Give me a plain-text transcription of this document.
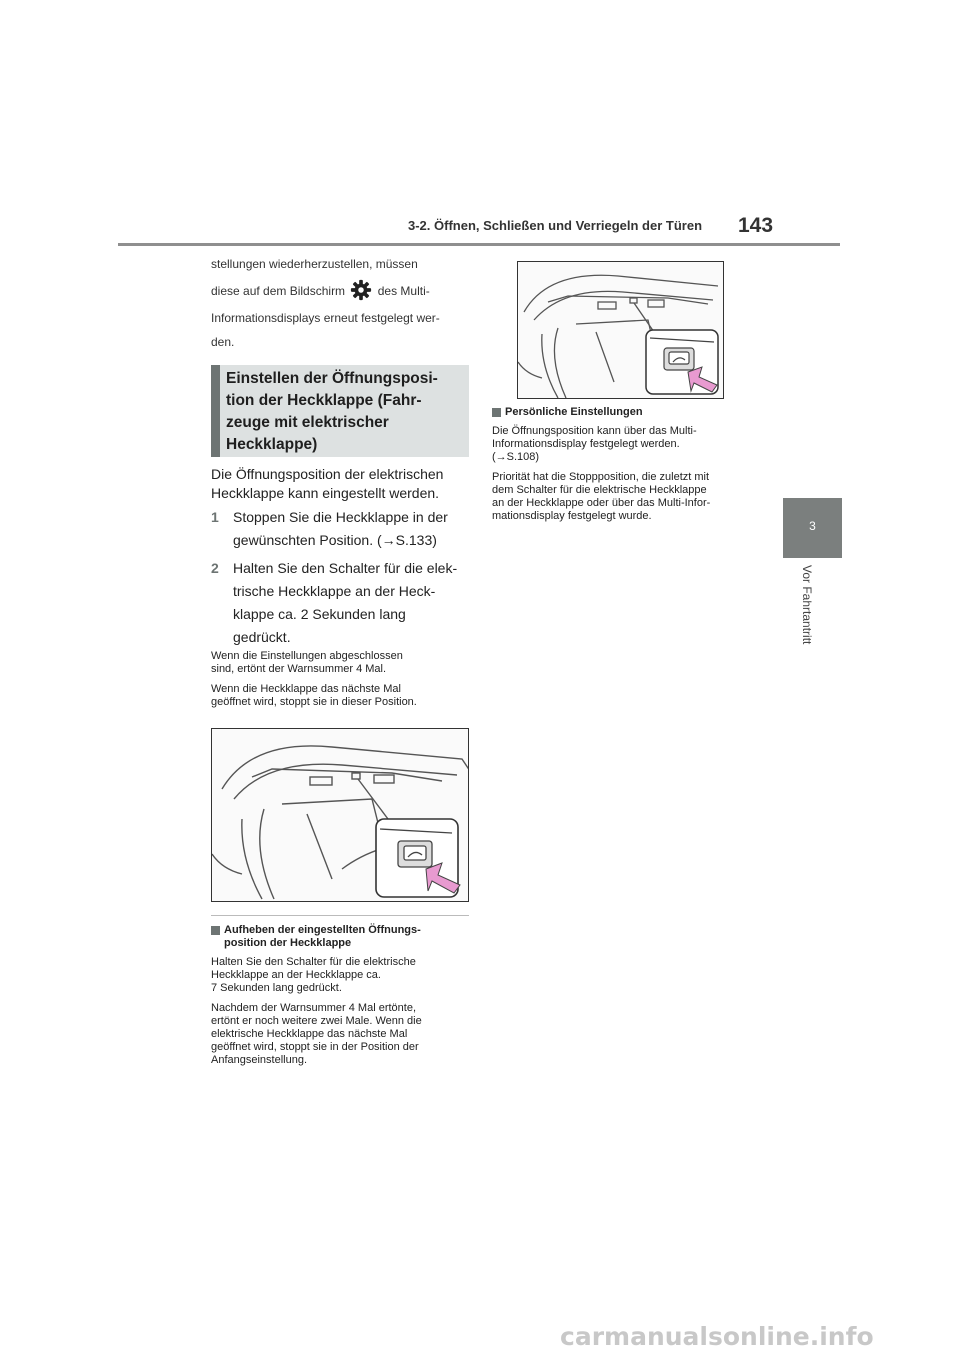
3-2. Öffnen, Schließen und Verriegeln der Türen 143
3
Vor Fahrtantritt

stellungen wiederherzustellen, müssen

diese auf dem Bildschirm	des Multi-

Informationsdisplays erneut festgelegt wer-

den.

Einstellen der Öffnungsposi-
tion der Heckklappe (Fahr-
zeuge mit elektrischer
Heckklappe)

Die Öffnungsposition der elektrischen

Heckklappe kann eingestellt werden.

1 Stoppen Sie die Heckklappe in der
gewünschten Position. (→S.133)
2 Halten Sie den Schalter für die elek-
trische Heckklappe an der Heck-
klappe ca. 2 Sekunden lang
gedrückt.

Wenn die Einstellungen abgeschlossen
sind, ertönt der Warnsummer 4 Mal.

Wenn die Heckklappe das nächste Mal
geöffnet wird, stoppt sie in dieser Position.

Aufheben der eingestellten Öffnungs-
position der Heckklappe

Halten Sie den Schalter für die elektrische
Heckklappe an der Heckklappe ca.
7 Sekunden lang gedrückt.

Nachdem der Warnsummer 4 Mal ertönte,
ertönt er noch weitere zwei Male. Wenn die
elektrische Heckklappe das nächste Mal
geöffnet wird, stoppt sie in der Position der
Anfangseinstellung.

Persönliche Einstellungen

Die Öffnungsposition kann über das Multi-
Informationsdisplay festgelegt werden.
(→S.108)

Priorität hat die Stoppposition, die zuletzt mit
dem Schalter für die elektrische Heckklappe
an der Heckklappe oder über das Multi-Infor-
mationsdisplay festgelegt wurde.

carmanualsonline.info
